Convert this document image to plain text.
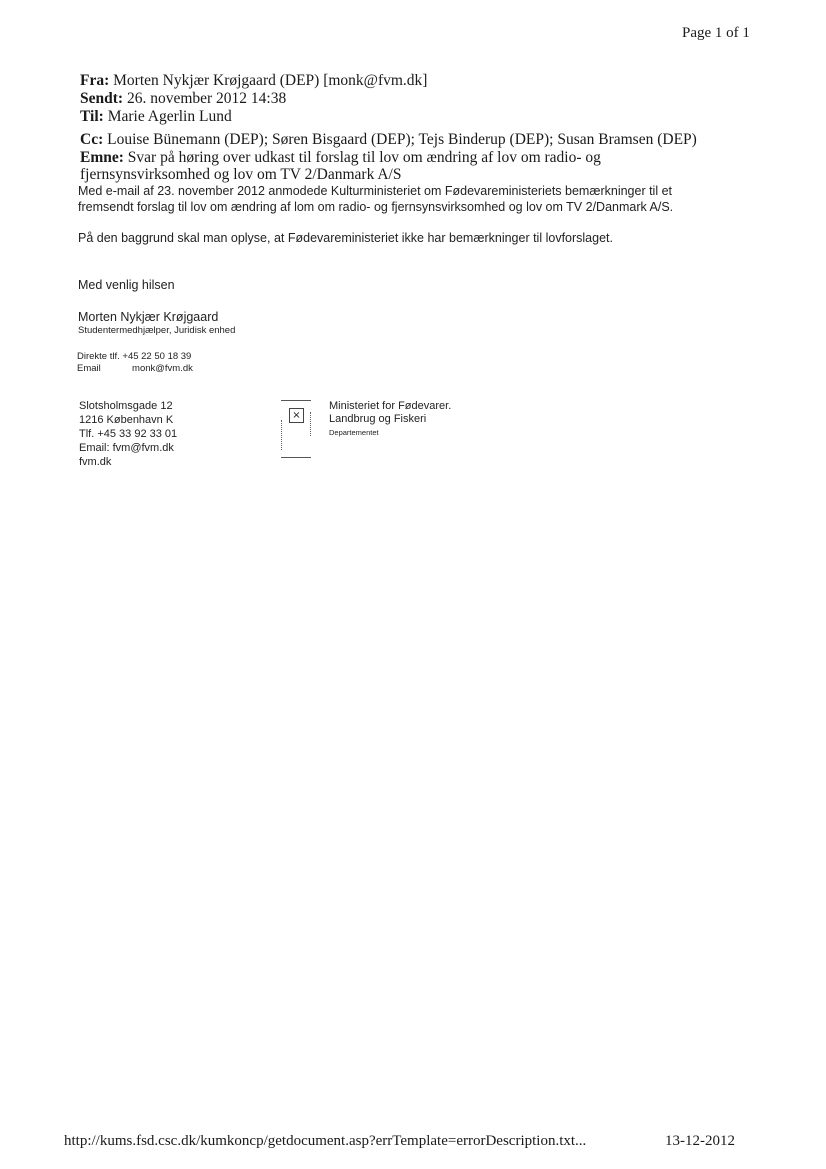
Page 1 of 1
Fra: Morten Nykjær Krøjgaard (DEP) [monk@fvm.dk]
Sendt: 26. november 2012 14:38
Til: Marie Agerlin Lund
Cc: Louise Bünemann (DEP); Søren Bisgaard (DEP); Tejs Binderup (DEP); Susan Bramsen (DEP)
Emne: Svar på høring over udkast til forslag til lov om ændring af lov om radio- og
fjernsynsvirksomhed og lov om TV 2/Danmark A/S
Med e-mail af 23. november 2012 anmodede Kulturministeriet om Fødevareministeriets bemærkninger til et
fremsendt forslag til lov om ændring af lom om radio- og fjernsynsvirksomhed og lov om TV 2/Danmark A/S.
På den baggrund skal man oplyse, at Fødevareministeriet ikke har bemærkninger til lovforslaget.
Med venlig hilsen
Morten Nykjær Krøjgaard
Studentermedhjælper, Juridisk enhed
Direkte tlf. +45 22 50 18 39
Email	monk@fvm.dk
Slotsholmsgade 12
1216 København K
Tlf. +45 33 92 33 01
Email: fvm@fvm.dk
fvm.dk
×
Ministeriet for Fødevarer.
Landbrug og Fiskeri
Departementet
http://kums.fsd.csc.dk/kumkoncp/getdocument.asp?errTemplate=errorDescription.txt...	13-12-2012
